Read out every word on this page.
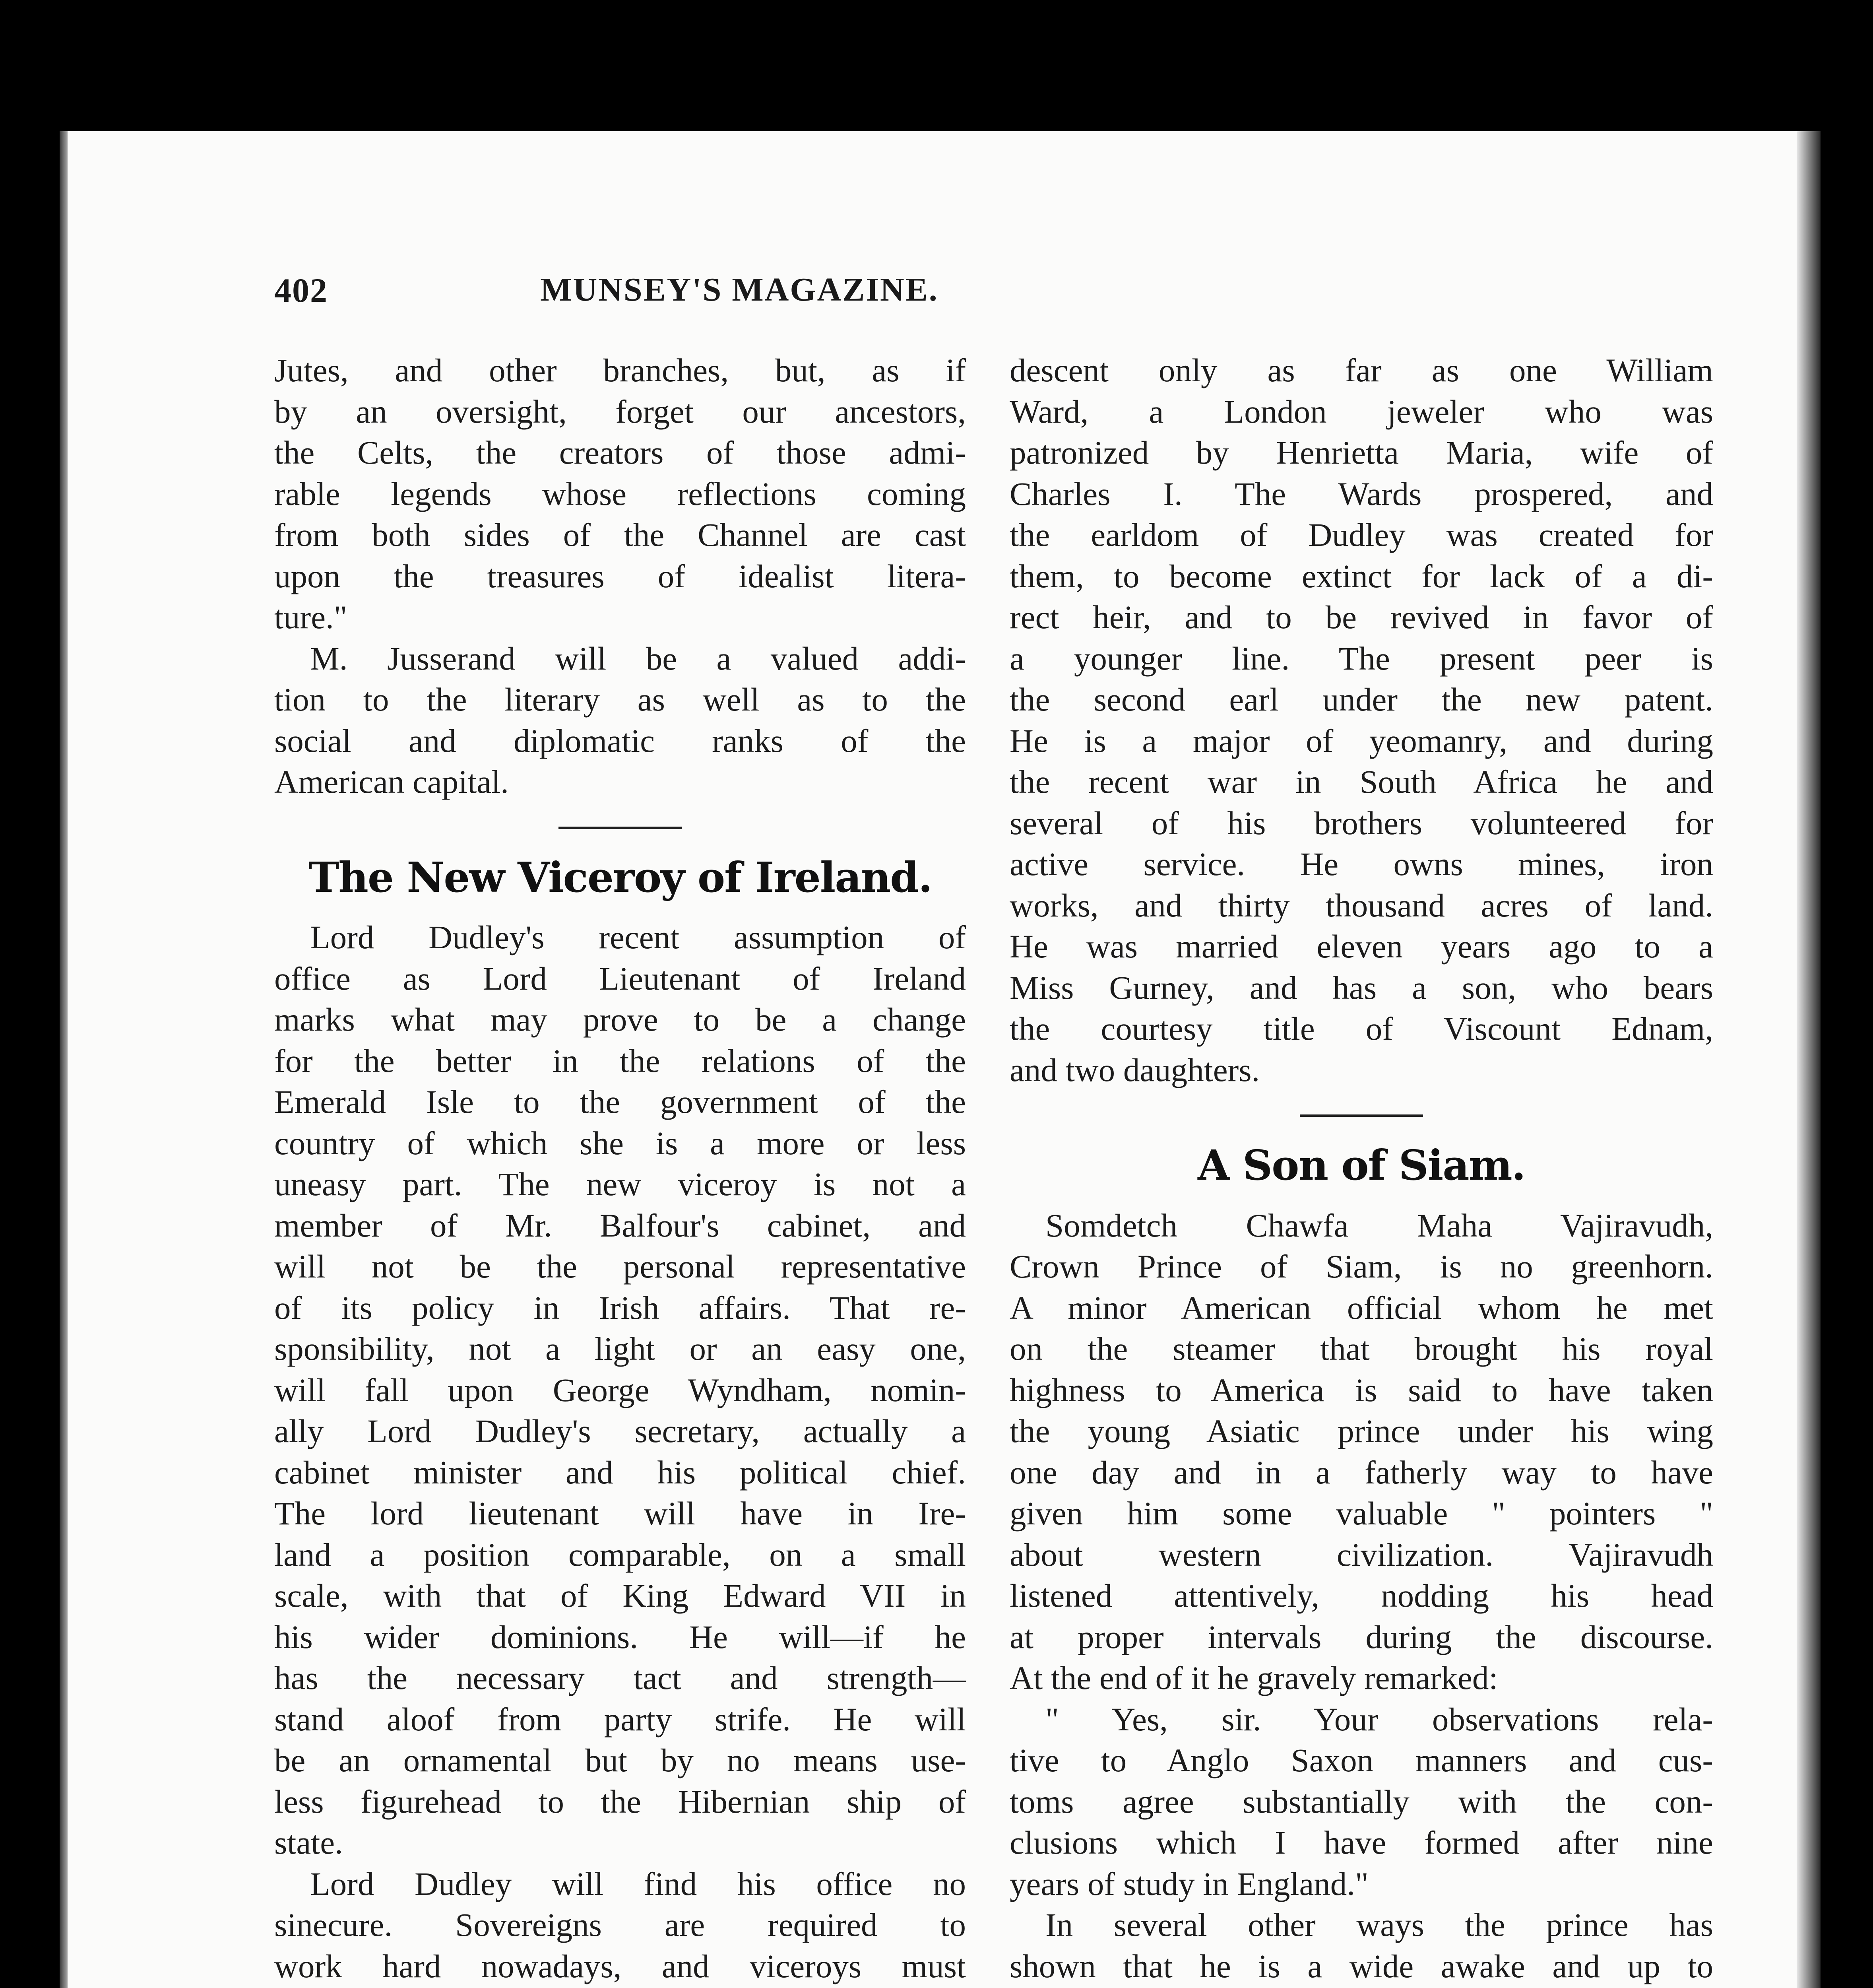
402	MUNSEY'S MAGAZINE.
Jutes, and other branches, but, as if
by an oversight, forget our ancestors,
the Celts, the creators of those admi-
rable legends whose reflections coming
from both sides of the Channel are cast
upon the treasures of idealist litera-
ture."
M. Jusserand will be a valued addi-
tion to the literary as well as to the
social and diplomatic ranks of the
American capital.
The New Viceroy of Ireland.
Lord Dudley's recent assumption of
office as Lord Lieutenant of Ireland
marks what may prove to be a change
for the better in the relations of the
Emerald Isle to the government of the
country of which she is a more or less
uneasy part. The new viceroy is not a
member of Mr. Balfour's cabinet, and
will not be the personal representative
of its policy in Irish affairs. That re-
sponsibility, not a light or an easy one,
will fall upon George Wyndham, nomin-
ally Lord Dudley's secretary, actually a
cabinet minister and his political chief.
The lord lieutenant will have in Ire-
land a position comparable, on a small
scale, with that of King Edward VII in
his wider dominions. He will—if he
has the necessary tact and strength—
stand aloof from party strife. He will
be an ornamental but by no means use-
less figurehead to the Hibernian ship of
state.
Lord Dudley will find his office no
sinecure. Sovereigns are required to
work hard nowadays, and viceroys must
descent only as far as one William
Ward, a London jeweler who was
patronized by Henrietta Maria, wife of
Charles I. The Wards prospered, and
the earldom of Dudley was created for
them, to become extinct for lack of a di-
rect heir, and to be revived in favor of
a younger line. The present peer is
the second earl under the new patent.
He is a major of yeomanry, and during
the recent war in South Africa he and
several of his brothers volunteered for
active service. He owns mines, iron
works, and thirty thousand acres of land.
He was married eleven years ago to a
Miss Gurney, and has a son, who bears
the courtesy title of Viscount Ednam,
and two daughters.
A Son of Siam.
Somdetch Chawfa Maha Vajiravudh,
Crown Prince of Siam, is no greenhorn.
A minor American official whom he met
on the steamer that brought his royal
highness to America is said to have taken
the young Asiatic prince under his wing
one day and in a fatherly way to have
given him some valuable " pointers "
about western civilization. Vajiravudh
listened attentively, nodding his head
at proper intervals during the discourse.
At the end of it he gravely remarked:
" Yes, sir. Your observations rela-
tive to Anglo Saxon manners and cus-
toms agree substantially with the con-
clusions which I have formed after nine
years of study in England."
In several other ways the prince has
shown that he is a wide awake and up to
